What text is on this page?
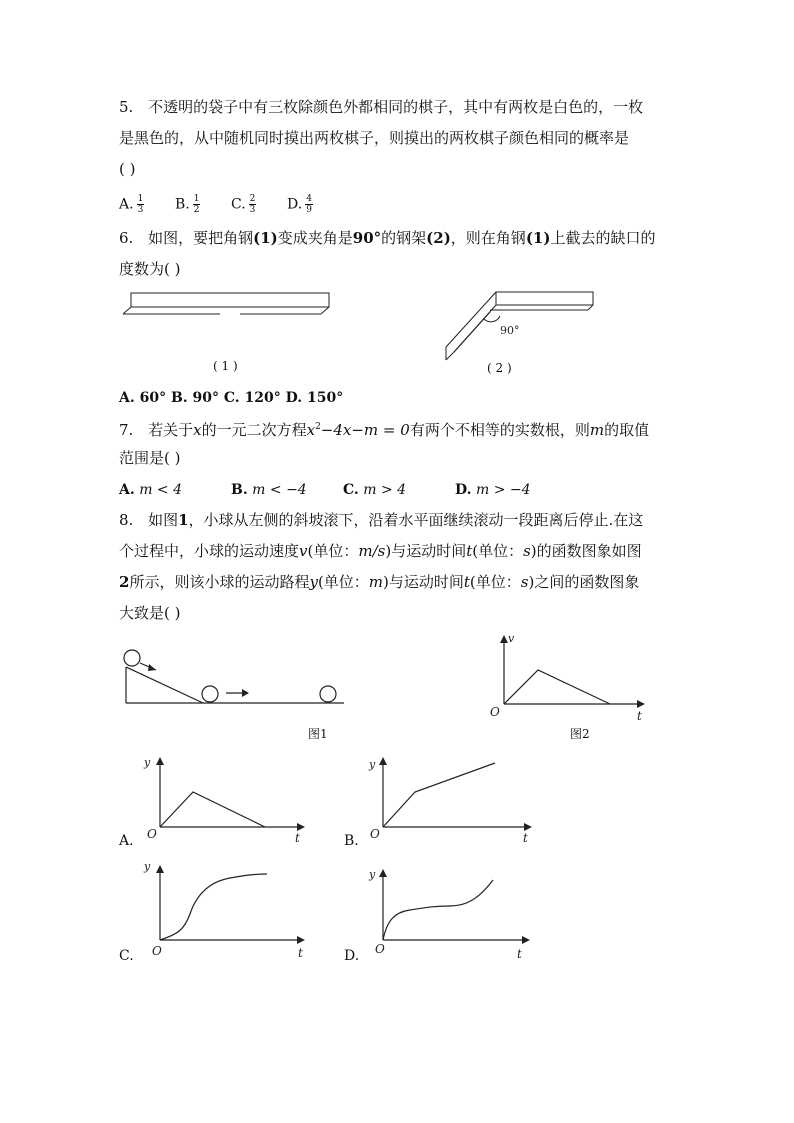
5. 不透明的袋子中有三枚除颜色外都相同的棋子，其中有两枚是白色的，一枚
是黑色的，从中随机同时摸出两枚棋子，则摸出的两枚棋子颜色相同的概率是
( )
A. $\frac{1}{3} B$. $\frac{1}{2} C$. $\frac{2}{3} D$. $\frac{4}{9}$
6. 如图，要把角钢(1)变成夹角是90°的钢架(2)，则在角钢(1)上截去的缺口的
度数为( )
( 1 )
90°
( 2 )
A. 60° B. 90° C. 120° D. 150°
7. 若关于x的一元二次方程$x^2-4x-m = 0$有两个不相等的实数根，则m的取值
范围是( )
A. m < 4	B. m < −4	C. m > 4	D. m > −4
8. 如图1，小球从左侧的斜坡滚下，沿着水平面继续滚动一段距离后停止.在这
个过程中，小球的运动速度v(单位：m/s)与运动时间t(单位：s)的函数图象如图
2所示，则该小球的运动路程y(单位：m)与运动时间t(单位：s)之间的函数图象
大致是( )
图1
v
O	t
图2
A.
y
O	t	B.
y
O	t
C.
y
O	t	D.
y
O	t
